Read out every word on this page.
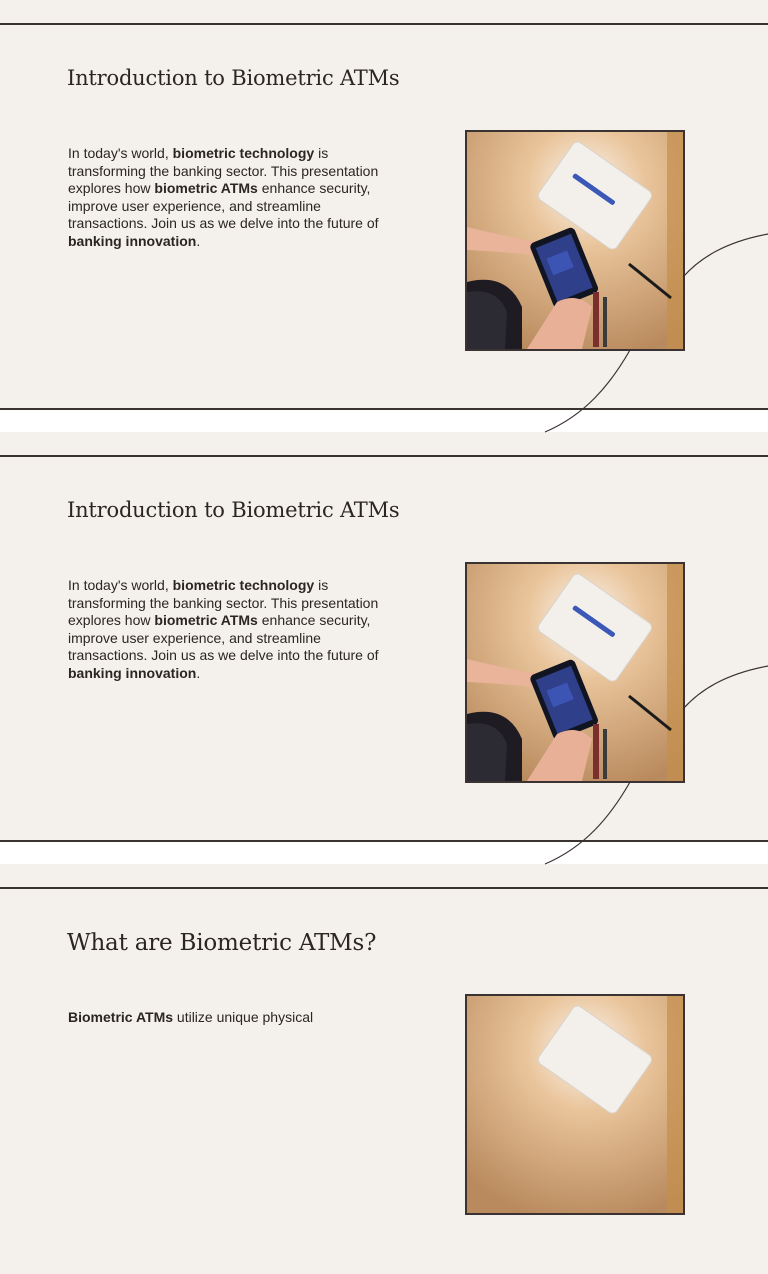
Introduction to Biometric ATMs

In today's world, biometric technology is transforming the banking sector. This presentation explores how biometric ATMs enhance security, improve user experience, and streamline transactions. Join us as we delve into the future of banking innovation.

Introduction to Biometric ATMs

In today's world, biometric technology is transforming the banking sector. This presentation explores how biometric ATMs enhance security, improve user experience, and streamline transactions. Join us as we delve into the future of banking innovation.

What are Biometric ATMs?

Biometric ATMs utilize unique physical
